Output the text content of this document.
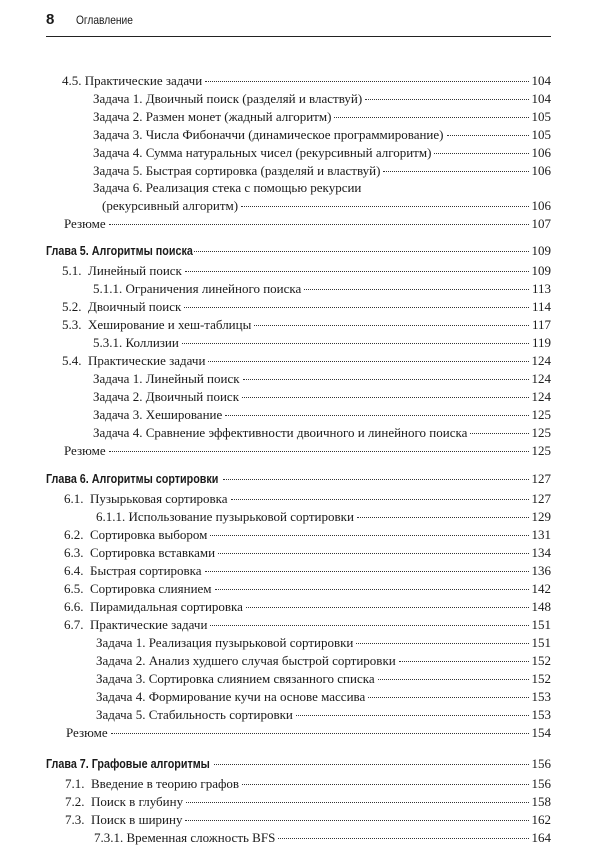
8 Оглавление
4.5. Практические задачи	104
Задача 1. Двоичный поиск (разделяй и властвуй)	104
Задача 2. Размен монет (жадный алгоритм)	105
Задача 3. Числа Фибоначчи (динамическое программирование)	105
Задача 4. Сумма натуральных чисел (рекурсивный алгоритм)	106
Задача 5. Быстрая сортировка (разделяй и властвуй)	106
Задача 6. Реализация стека с помощью рекурсии
(рекурсивный алгоритм)	106
Резюме	107
Глава 5. Алгоритмы поиска	109
5.1. Линейный поиск	109
5.1.1. Ограничения линейного поиска	113
5.2. Двоичный поиск	114
5.3. Хеширование и хеш-таблицы	117
5.3.1. Коллизии	119
5.4. Практические задачи	124
Задача 1. Линейный поиск	124
Задача 2. Двоичный поиск	124
Задача 3. Хеширование	125
Задача 4. Сравнение эффективности двоичного и линейного поиска	125
Резюме	125
Глава 6. Алгоритмы сортировки	127
6.1. Пузырьковая сортировка	127
6.1.1. Использование пузырьковой сортировки	129
6.2. Сортировка выбором	131
6.3. Сортировка вставками	134
6.4. Быстрая сортировка	136
6.5. Сортировка слиянием	142
6.6. Пирамидальная сортировка	148
6.7. Практические задачи	151
Задача 1. Реализация пузырьковой сортировки	151
Задача 2. Анализ худшего случая быстрой сортировки	152
Задача 3. Сортировка слиянием связанного списка	152
Задача 4. Формирование кучи на основе массива	153
Задача 5. Стабильность сортировки	153
Резюме	154
Глава 7. Графовые алгоритмы	156
7.1. Введение в теорию графов	156
7.2. Поиск в глубину	158
7.3. Поиск в ширину	162
7.3.1. Временная сложность BFS	164
